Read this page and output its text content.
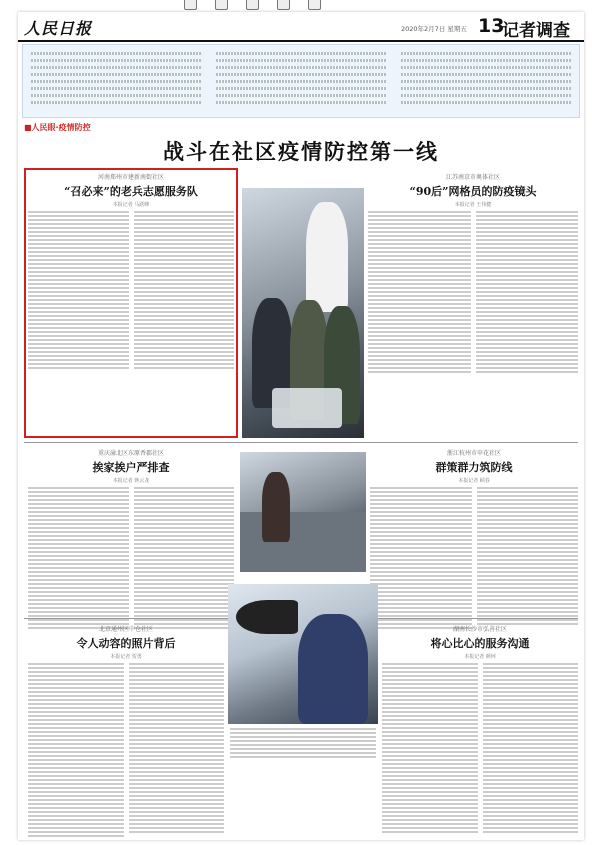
人民日报	2020年2月7日 星期五 13
记者调查
■人民眼·疫情防控
战斗在社区疫情防控第一线
河南郑州市建新南街社区
“召必来”的老兵志愿服务队
本报记者 马跃峰
江苏南京市奥体社区
“90后”网格员的防疫镜头
本报记者 王伟健
重庆渝北区东原香郡社区
挨家挨户严排查
本报记者 蒋云龙
浙江杭州市申花社区
群策群力筑防线
本报记者 顾春
北京通州区中仓社区
令人动容的照片背后
本报记者 贺勇
湖南长沙市弘善社区
将心比心的服务沟通
本报记者 颜珂
